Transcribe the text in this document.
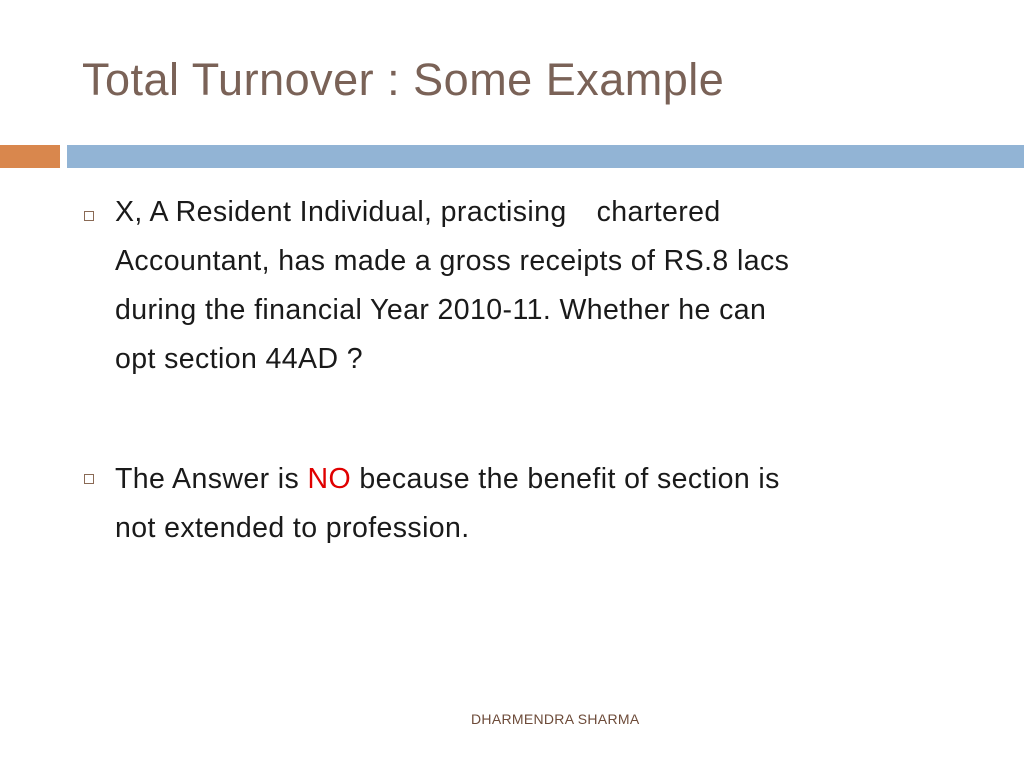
Total Turnover : Some Example
X, A Resident Individual, practising chartered
Accountant, has made a gross receipts of RS.8 lacs
during the financial Year 2010-11. Whether he can
opt section 44AD ?
The Answer is NO because the benefit of section is
not extended to profession.
DHARMENDRA SHARMA
